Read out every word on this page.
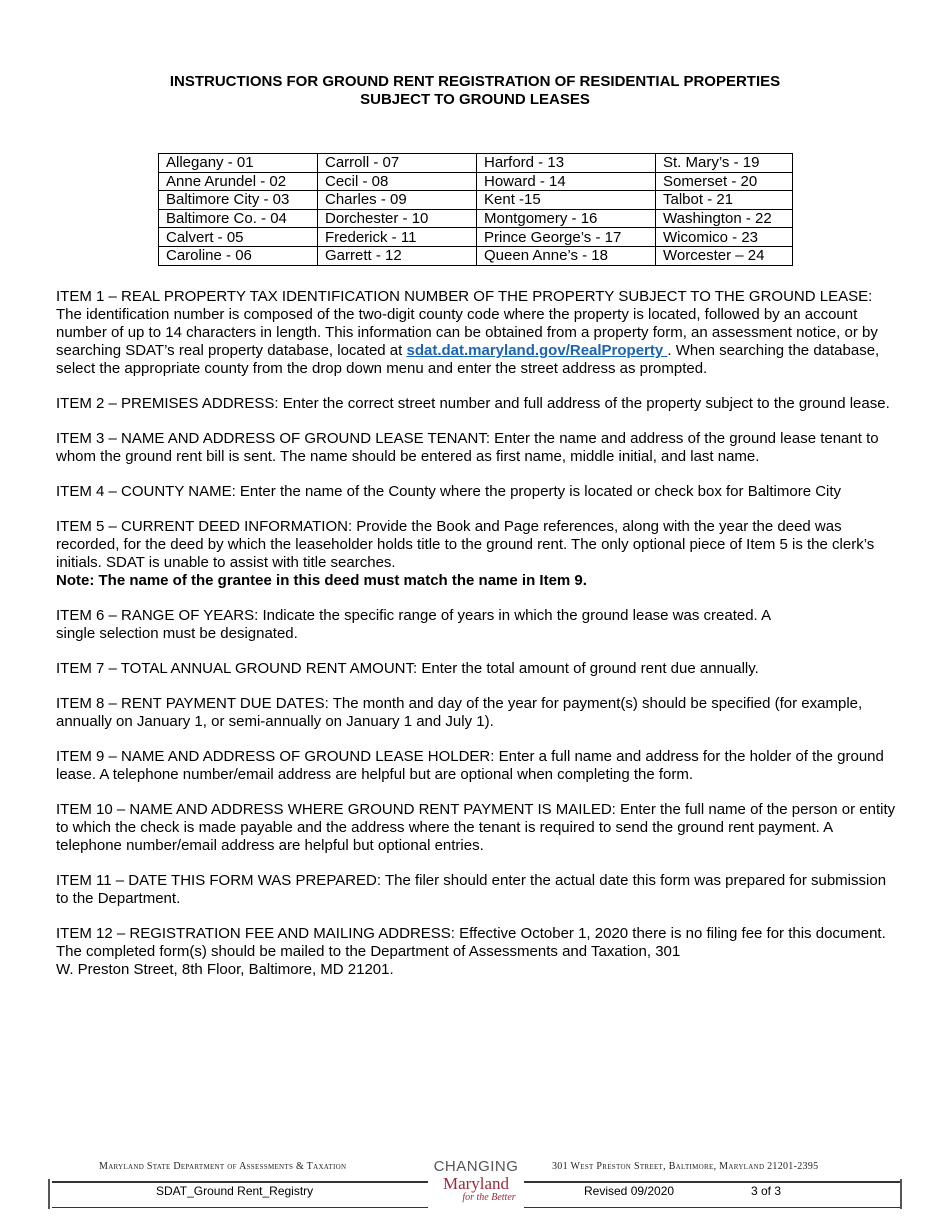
INSTRUCTIONS FOR GROUND RENT REGISTRATION OF RESIDENTIAL PROPERTIES
SUBJECT TO GROUND LEASES
Allegany - 01	Carroll - 07	Harford - 13	St. Mary’s - 19
Anne Arundel - 02	Cecil - 08	Howard - 14	Somerset - 20
Baltimore City - 03	Charles - 09	Kent -15	Talbot - 21
Baltimore Co. - 04	Dorchester - 10	Montgomery - 16	Washington - 22
Calvert - 05	Frederick - 11	Prince George’s - 17	Wicomico - 23
Caroline - 06	Garrett - 12	Queen Anne’s - 18	Worcester – 24

ITEM 1 – REAL PROPERTY TAX IDENTIFICATION NUMBER OF THE PROPERTY SUBJECT TO THE GROUND LEASE: The identification number is composed of the two-digit county code where the property is located, followed by an account number of up to 14 characters in length. This information can be obtained from a property form, an assessment notice, or by searching SDAT’s real property database, located at sdat.dat.maryland.gov/RealProperty . When searching the database, select the appropriate county from the drop down menu and enter the street address as prompted.

ITEM 2 – PREMISES ADDRESS: Enter the correct street number and full address of the property subject to the ground lease.

ITEM 3 – NAME AND ADDRESS OF GROUND LEASE TENANT: Enter the name and address of the ground lease tenant to whom the ground rent bill is sent. The name should be entered as first name, middle initial, and last name.

ITEM 4 – COUNTY NAME: Enter the name of the County where the property is located or check box for Baltimore City

ITEM 5 – CURRENT DEED INFORMATION: Provide the Book and Page references, along with the year the deed was recorded, for the deed by which the leaseholder holds title to the ground rent. The only optional piece of Item 5 is the clerk’s initials. SDAT is unable to assist with title searches.

Note: The name of the grantee in this deed must match the name in Item 9.

ITEM 6 – RANGE OF YEARS: Indicate the specific range of years in which the ground lease was created. A
single selection must be designated.

ITEM 7 – TOTAL ANNUAL GROUND RENT AMOUNT: Enter the total amount of ground rent due annually.

ITEM 8 – RENT PAYMENT DUE DATES: The month and day of the year for payment(s) should be specified (for example, annually on January 1, or semi-annually on January 1 and July 1).

ITEM 9 – NAME AND ADDRESS OF GROUND LEASE HOLDER: Enter a full name and address for the holder of the ground lease. A telephone number/email address are helpful but are optional when completing the form.

ITEM 10 – NAME AND ADDRESS WHERE GROUND RENT PAYMENT IS MAILED: Enter the full name of the person or entity to which the check is made payable and the address where the tenant is required to send the ground rent payment. A telephone number/email address are helpful but optional entries.

ITEM 11 – DATE THIS FORM WAS PREPARED: The filer should enter the actual date this form was prepared for submission to the Department.

ITEM 12 – REGISTRATION FEE AND MAILING ADDRESS: Effective October 1, 2020 there is no filing fee for this document. The completed form(s) should be mailed to the Department of Assessments and Taxation, 301
W. Preston Street, 8th Floor, Baltimore, MD 21201.

Maryland State Department of Assessments & Taxation	301 West Preston Street, Baltimore, Maryland 21201-2395
SDAT_Ground Rent_Registry	Revised 09/2020	3 of 3
CHANGING
Maryland
for the Better
